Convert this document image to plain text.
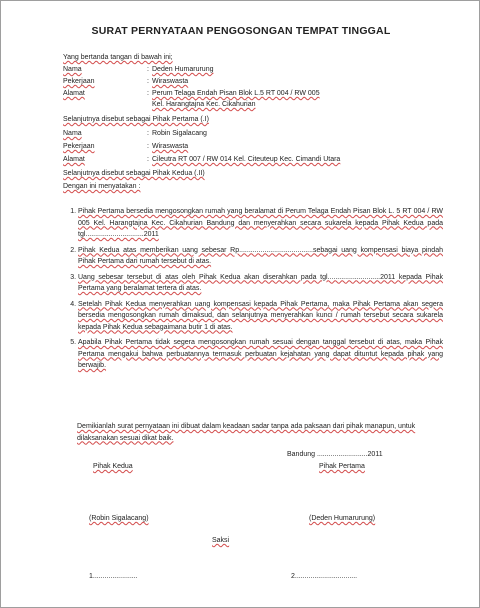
SURAT PERNYATAAN PENGOSONGAN TEMPAT TINGGAL
Yang bertanda tangan di bawah ini;
Nama	: Deden Humarurung
Pekerjaan	: Wiraswasta
Alamat	: Perum Telaga Endah Pisan Blok L.5 RT 004 / RW 005
Kel. Harangtajna Kec. Cikahurian
Selanjutnya disebut sebagai Pihak Pertama (.I)
Nama	: Robin Sigalacang
Pekerjaan	: Wiraswasta
Alamat	: Cileutra RT 007 / RW 014 Kel. Citeuteup Kec. Cimandi Utara
Selanjutnya disebut sebagai Pihak Kedua (.II)
Dengan ini menyatakan :
1. Pihak Pertama bersedia mengosongkan rumah yang beralamat di Perum Telaga Endah Pisan Blok L. 5 RT 004 / RW 005 Kel. Harangtajna Kec. Cikahurian Bandung dan menyerahkan secara sukarela kepada Pihak Kedua pada tgl..............................2011
2. Pihak Kedua atas memberikan uang sebesar Rp......................................sebagai uang kompensasi biaya pindah Pihak Pertama dari rumah tersebut di atas.
3. Uang sebesar tersebut di atas oleh Pihak Kedua akan diserahkan pada tgl...........................2011 kepada Pihak Pertama yang beralamat tertera di atas.
4. Setelah Pihak Kedua menyerahkan uang kompensasi kepada Pihak Pertama, maka Pihak Pertama akan segera bersedia mengosongkan rumah dimaksud, dan selanjutnya menyerahkan kunci / rumah tersebut secara sukarela kepada Pihak Kedua sebagaimana butir 1 di atas.
5. Apabila Pihak Pertama tidak segera mengosongkan rumah sesuai dengan tanggal tersebut di atas, maka Pihak Pertama mengakui bahwa perbuatannya termasuk perbuatan kejahatan yang dapat dituntut kepada pihak yang berwajib.
Demikianlah surat pernyataan ini dibuat dalam keadaan sadar tanpa ada paksaan dari pihak manapun, untuk dilaksanakan sesuai dikat baik.
Bandung ..........................2011
Pihak Kedua	Pihak Pertama
(Robin Sigalacang)	(Deden Humarurung)
Saksi
1.......................	2................................
